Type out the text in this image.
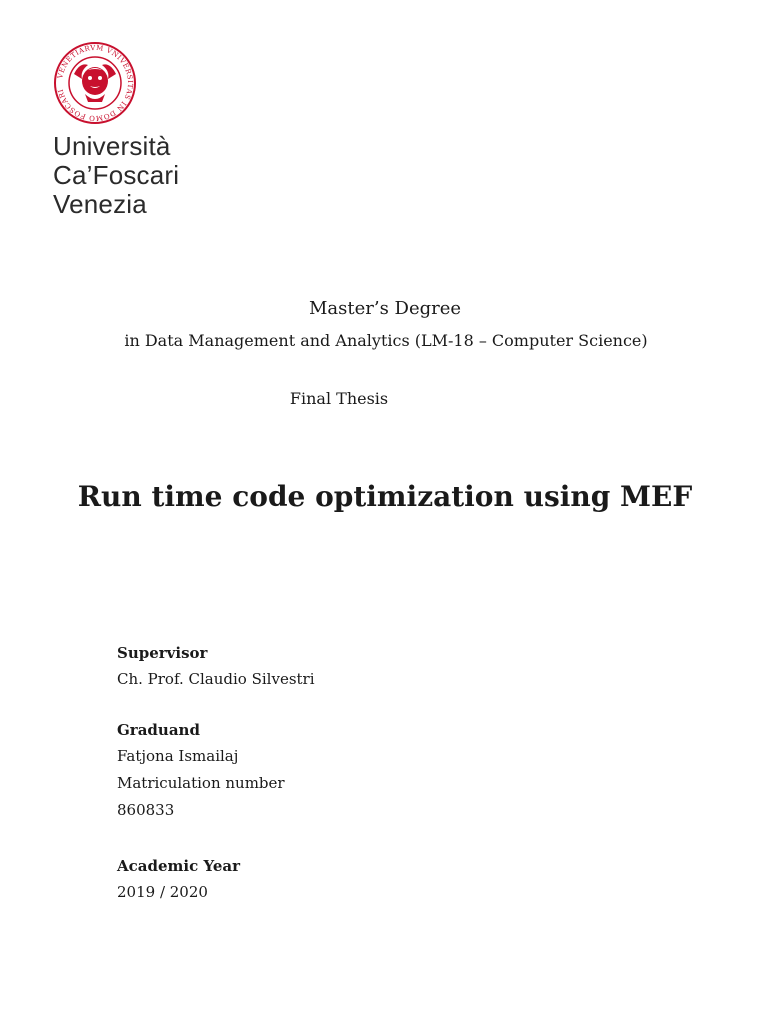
VENETIARVM VNIVERSITAS IN DOMO FOSCARI
Università
Ca’Foscari
Venezia
Master’s Degree
in Data Management and Analytics (LM-18 – Computer Science)
Final Thesis
Run time code optimization using MEF
Supervisor
Ch. Prof. Claudio Silvestri
Graduand
Fatjona Ismailaj
Matriculation number
860833
Academic Year
2019 / 2020
